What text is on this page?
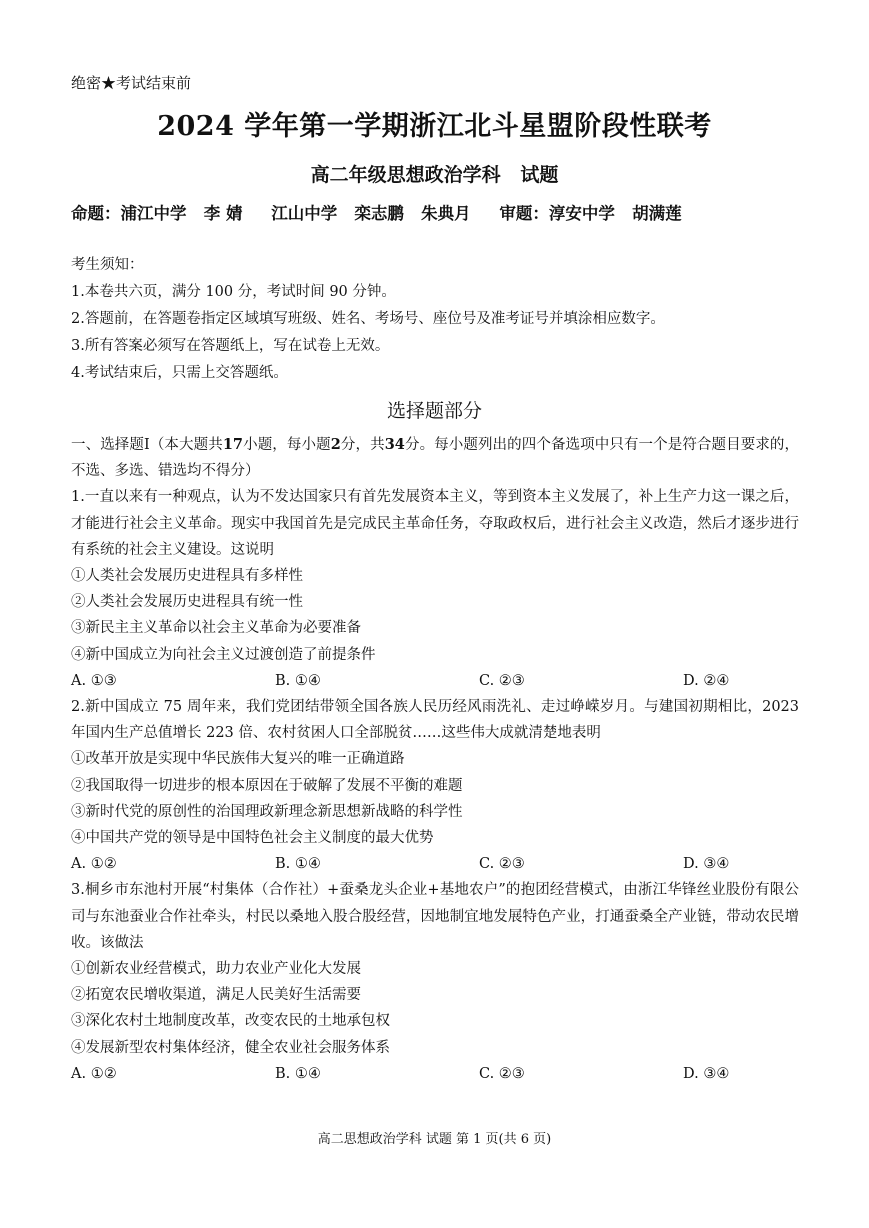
绝密★考试结束前
2024 学年第一学期浙江北斗星盟阶段性联考
高二年级思想政治学科   试题
命题：浦江中学   李 婧     江山中学   栾志鹏   朱典月     审题：淳安中学   胡满莲
考生须知：
1.本卷共六页，满分 100 分，考试时间 90 分钟。
2.答题前，在答题卷指定区域填写班级、姓名、考场号、座位号及准考证号并填涂相应数字。
3.所有答案必须写在答题纸上，写在试卷上无效。
4.考试结束后，只需上交答题纸。
选择题部分

一、选择题Ⅰ（本大题共17小题，每小题2分，共34分。每小题列出的四个备选项中只有一个是符合题目要求的，不选、多选、错选均不得分）

1.一直以来有一种观点，认为不发达国家只有首先发展资本主义，等到资本主义发展了，补上生产力这一课之后，才能进行社会主义革命。现实中我国首先是完成民主革命任务，夺取政权后，进行社会主义改造，然后才逐步进行有系统的社会主义建设。这说明

①人类社会发展历史进程具有多样性

②人类社会发展历史进程具有统一性

③新民主主义革命以社会主义革命为必要准备

④新中国成立为向社会主义过渡创造了前提条件

A. ①③	B. ①④	C. ②③	D. ②④

2.新中国成立 75 周年来，我们党团结带领全国各族人民历经风雨洗礼、走过峥嵘岁月。与建国初期相比，2023 年国内生产总值增长 223 倍、农村贫困人口全部脱贫……这些伟大成就清楚地表明

①改革开放是实现中华民族伟大复兴的唯一正确道路

②我国取得一切进步的根本原因在于破解了发展不平衡的难题

③新时代党的原创性的治国理政新理念新思想新战略的科学性

④中国共产党的领导是中国特色社会主义制度的最大优势

A. ①②	B. ①④	C. ②③	D. ③④

3.桐乡市东池村开展“村集体（合作社）+蚕桑龙头企业+基地农户”的抱团经营模式，由浙江华锋丝业股份有限公司与东池蚕业合作社牵头，村民以桑地入股合股经营，因地制宜地发展特色产业，打通蚕桑全产业链，带动农民增收。该做法

①创新农业经营模式，助力农业产业化大发展

②拓宽农民增收渠道，满足人民美好生活需要

③深化农村土地制度改革，改变农民的土地承包权

④发展新型农村集体经济，健全农业社会服务体系

A. ①②	B. ①④	C. ②③	D. ③④
高二思想政治学科 试题 第 1 页(共 6 页)
